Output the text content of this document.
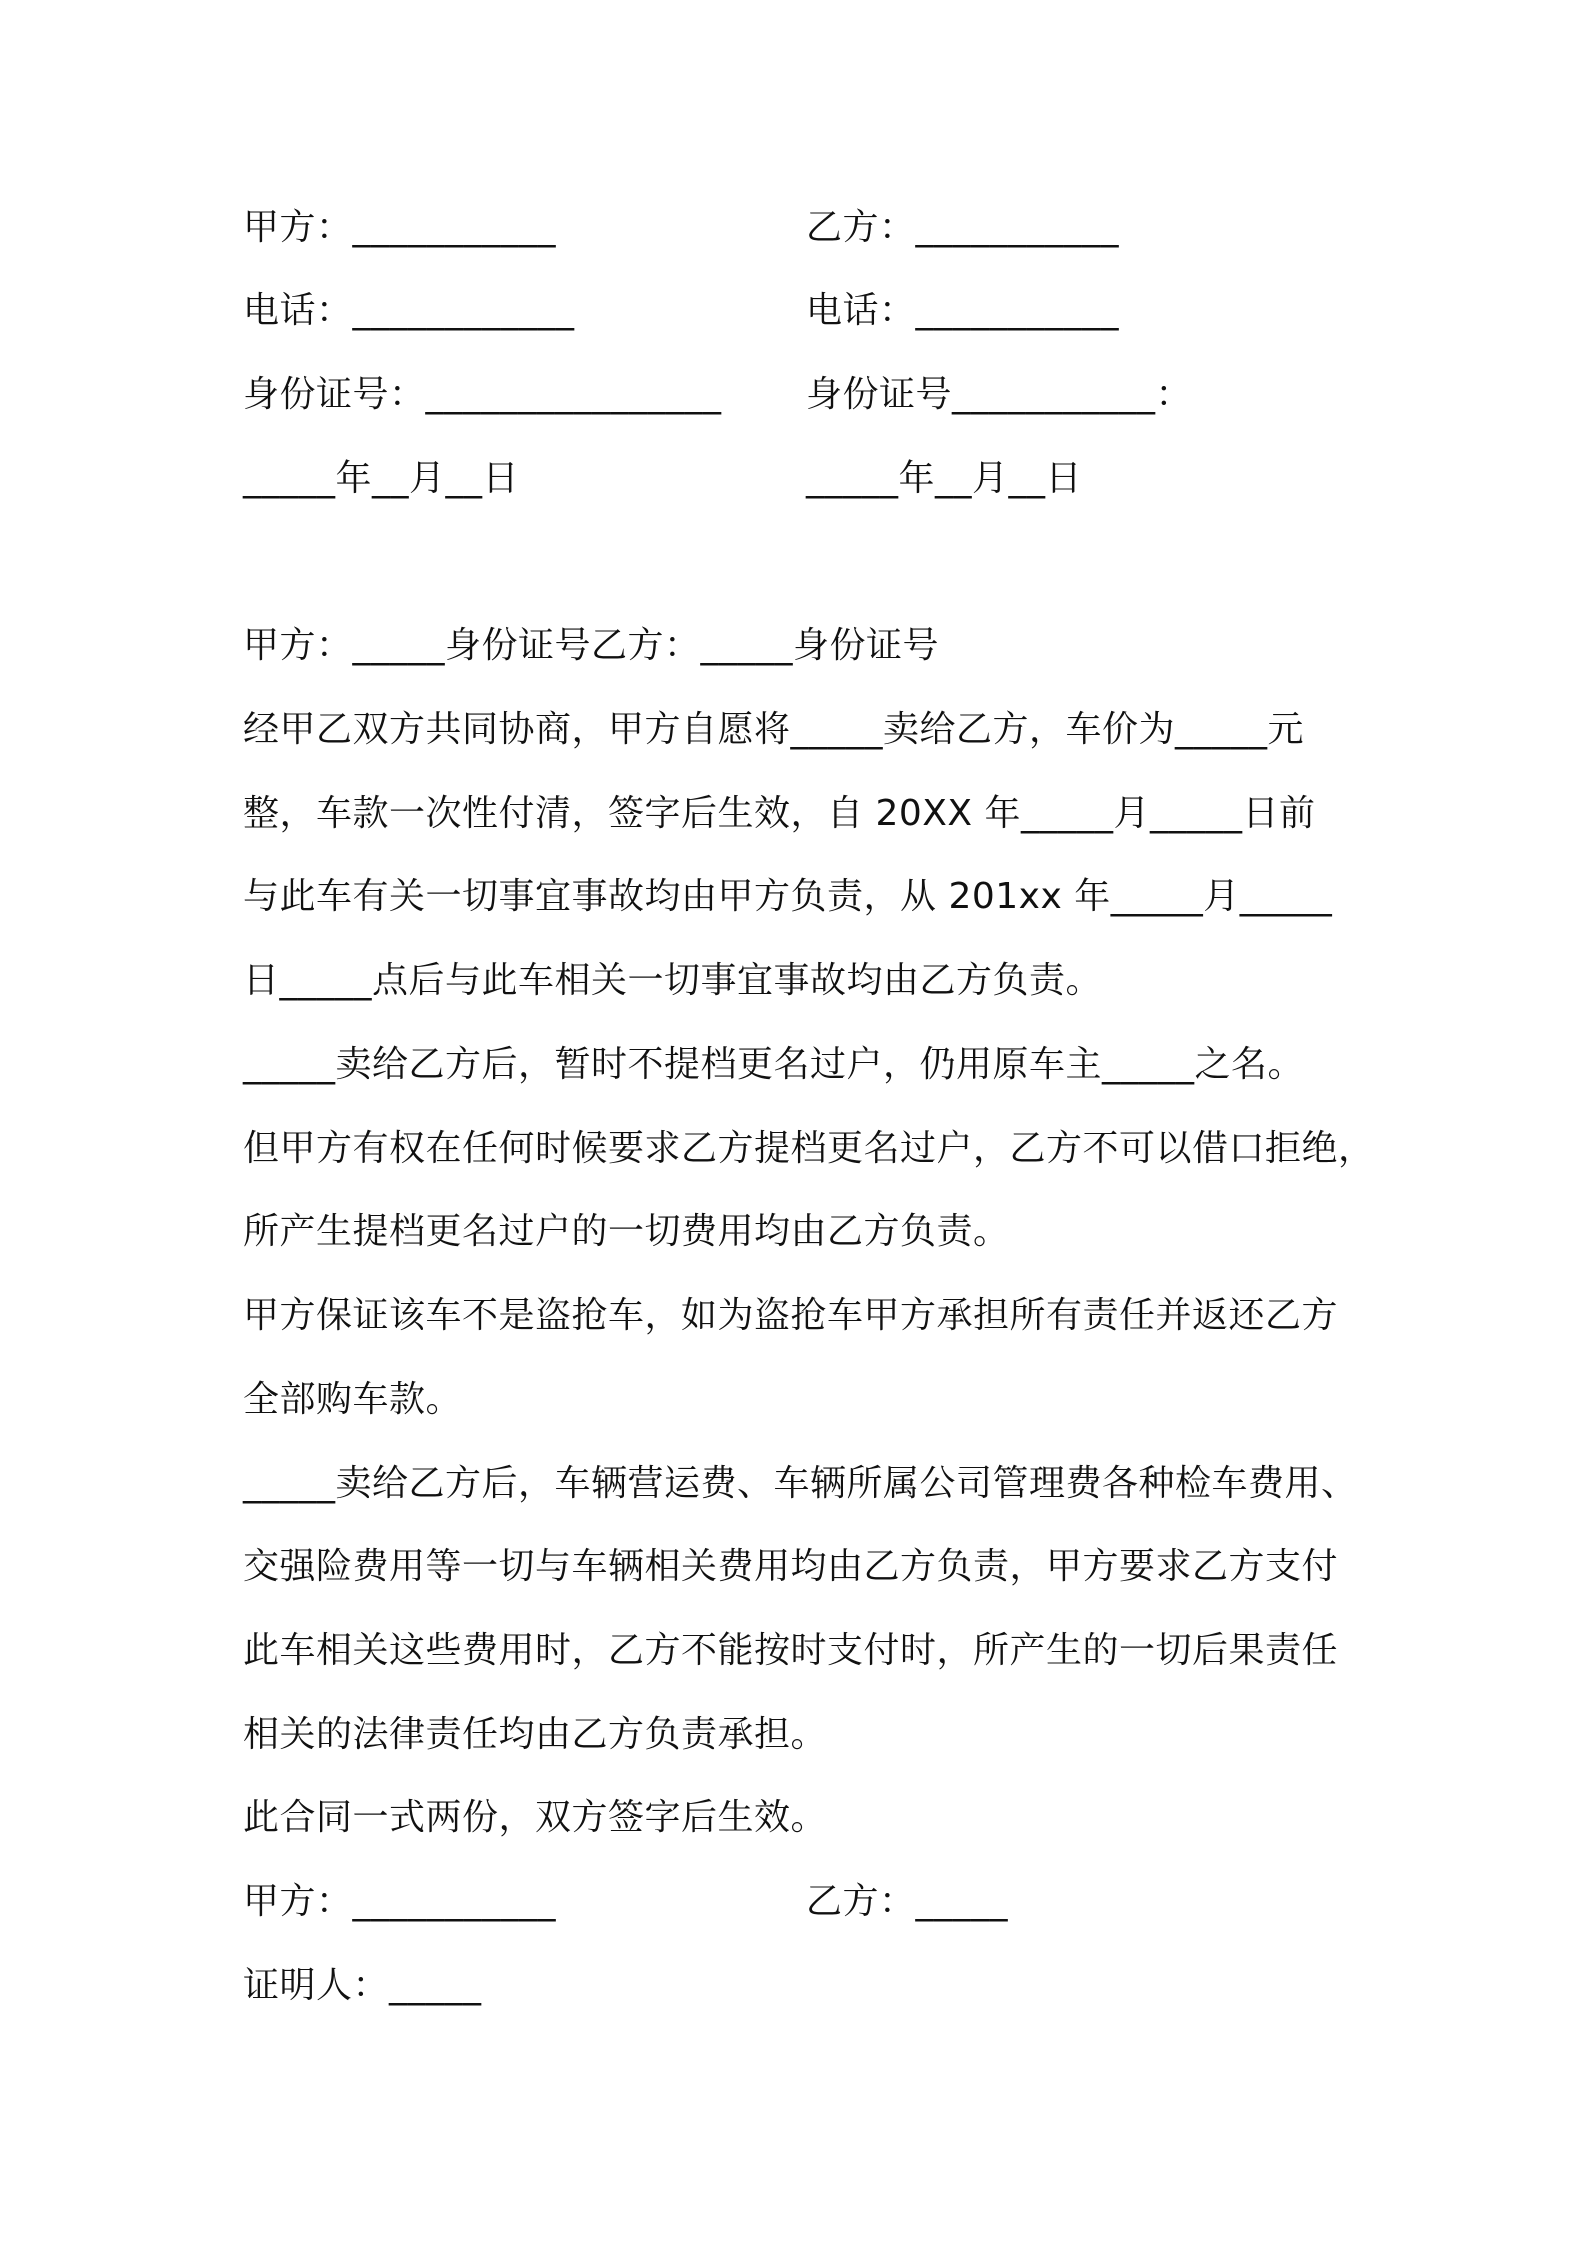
甲方：___________	乙方：___________
电话：____________	电话：___________
身份证号：________________ 身份证号___________：
_____年__月__日	_____年__月__日
甲方：_____身份证号乙方：_____身份证号
经甲乙双方共同协商，甲方自愿将_____卖给乙方，车价为_____元
整，车款一次性付清，签字后生效，自 20XX 年_____月_____日前
与此车有关一切事宜事故均由甲方负责，从 201xx 年_____月_____
日_____点后与此车相关一切事宜事故均由乙方负责。
_____卖给乙方后，暂时不提档更名过户，仍用原车主_____之名。
但甲方有权在任何时候要求乙方提档更名过户，乙方不可以借口拒绝，
所产生提档更名过户的一切费用均由乙方负责。
甲方保证该车不是盗抢车，如为盗抢车甲方承担所有责任并返还乙方
全部购车款。
_____卖给乙方后，车辆营运费、车辆所属公司管理费各种检车费用、
交强险费用等一切与车辆相关费用均由乙方负责，甲方要求乙方支付
此车相关这些费用时，乙方不能按时支付时，所产生的一切后果责任
相关的法律责任均由乙方负责承担。
此合同一式两份，双方签字后生效。
甲方：___________	乙方：_____
证明人：_____
